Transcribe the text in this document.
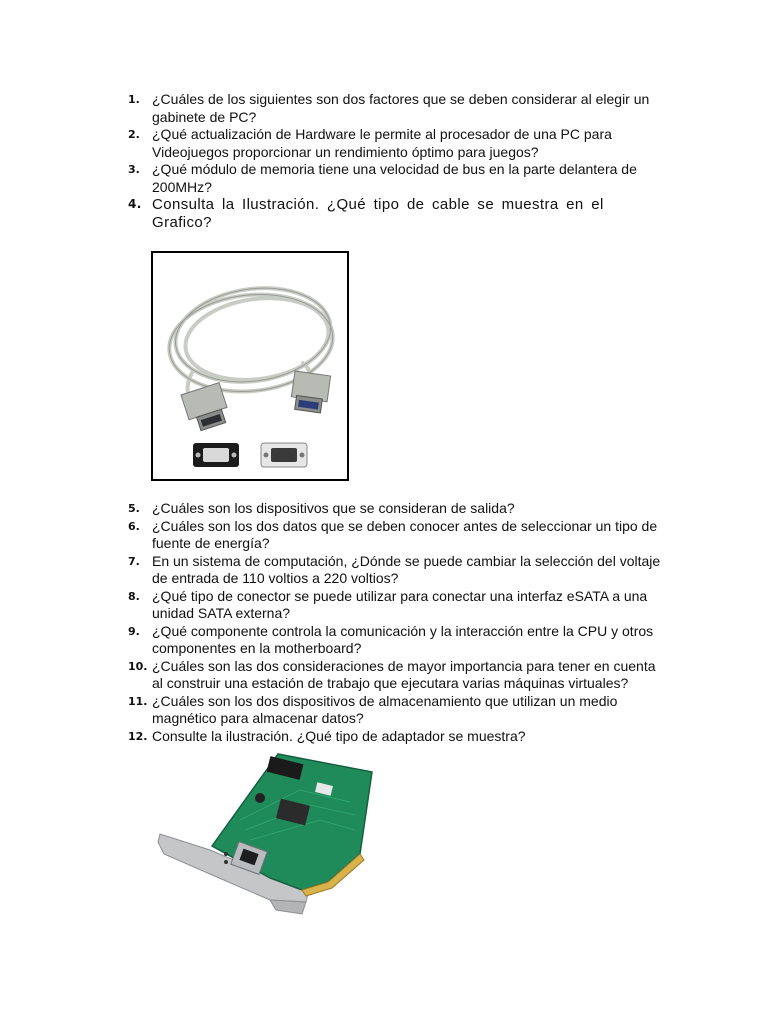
1. ¿Cuáles de los siguientes son dos factores que se deben considerar al elegir un gabinete de PC?
2. ¿Qué actualización de Hardware le permite al procesador de una PC para Videojuegos proporcionar un rendimiento óptimo para juegos?
3. ¿Qué módulo de memoria tiene una velocidad de bus en la parte delantera de 200MHz?
4. Consulta la Ilustración. ¿Qué tipo de cable se muestra en el Grafico?
5. ¿Cuáles son los dispositivos que se consideran de salida?
6. ¿Cuáles son los dos datos que se deben conocer antes de seleccionar un tipo de fuente de energía?
7. En un sistema de computación, ¿Dónde se puede cambiar la selección del voltaje de entrada de 110 voltios a 220 voltios?
8. ¿Qué tipo de conector se puede utilizar para conectar una interfaz eSATA a una unidad SATA externa?
9. ¿Qué componente controla la comunicación y la interacción entre la CPU y otros componentes en la motherboard?
10. ¿Cuáles son las dos consideraciones de mayor importancia para tener en cuenta al construir una estación de trabajo que ejecutara varias máquinas virtuales?
11. ¿Cuáles son los dos dispositivos de almacenamiento que utilizan un medio magnético para almacenar datos?
12. Consulte la ilustración. ¿Qué tipo de adaptador se muestra?
